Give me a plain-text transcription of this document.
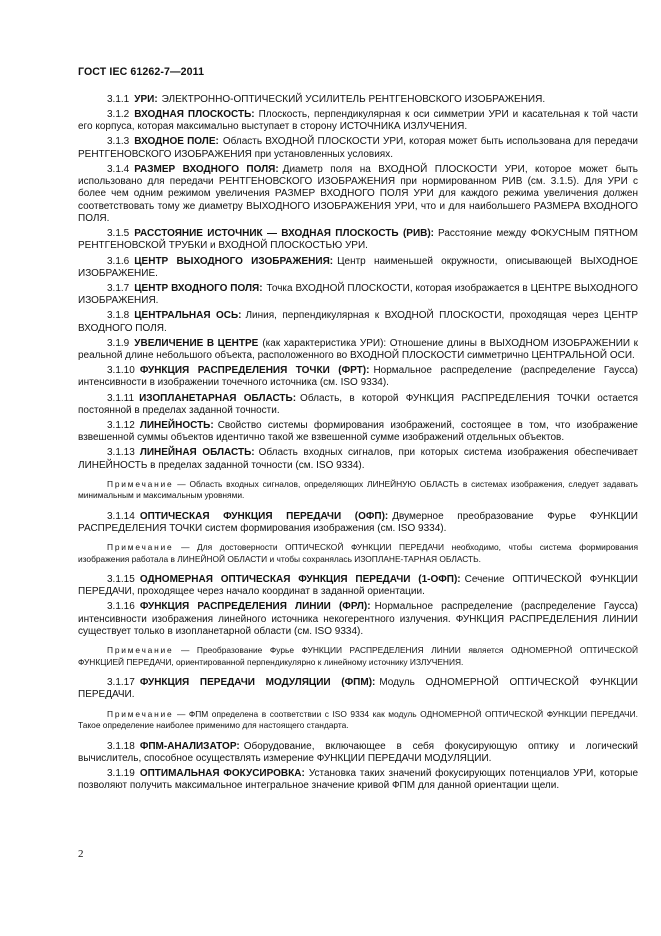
ГОСТ IEC 61262-7—2011

3.1.1 УРИ: ЭЛЕКТРОННО-ОПТИЧЕСКИЙ УСИЛИТЕЛЬ РЕНТГЕНОВСКОГО ИЗОБРАЖЕНИЯ.

3.1.2 ВХОДНАЯ ПЛОСКОСТЬ: Плоскость, перпендикулярная к оси симметрии УРИ и касательная к той части его корпуса, которая максимально выступает в сторону ИСТОЧНИКА ИЗЛУЧЕНИЯ.

3.1.3 ВХОДНОЕ ПОЛЕ: Область ВХОДНОЙ ПЛОСКОСТИ УРИ, которая может быть использована для передачи РЕНТГЕНОВСКОГО ИЗОБРАЖЕНИЯ при установленных условиях.

3.1.4 РАЗМЕР ВХОДНОГО ПОЛЯ: Диаметр поля на ВХОДНОЙ ПЛОСКОСТИ УРИ, которое может быть использовано для передачи РЕНТГЕНОВСКОГО ИЗОБРАЖЕНИЯ при нормированном РИВ (см. 3.1.5). Для УРИ с более чем одним режимом увеличения РАЗМЕР ВХОДНОГО ПОЛЯ УРИ для каждого режима увеличения должен соответствовать тому же диаметру ВЫХОДНОГО ИЗОБРАЖЕНИЯ УРИ, что и для наибольшего РАЗМЕРА ВХОДНОГО ПОЛЯ.

3.1.5 РАССТОЯНИЕ ИСТОЧНИК — ВХОДНАЯ ПЛОСКОСТЬ (РИВ): Расстояние между ФОКУСНЫМ ПЯТНОМ РЕНТГЕНОВСКОЙ ТРУБКИ и ВХОДНОЙ ПЛОСКОСТЬЮ УРИ.

3.1.6 ЦЕНТР ВЫХОДНОГО ИЗОБРАЖЕНИЯ: Центр наименьшей окружности, описывающей ВЫХОДНОЕ ИЗОБРАЖЕНИЕ.

3.1.7 ЦЕНТР ВХОДНОГО ПОЛЯ: Точка ВХОДНОЙ ПЛОСКОСТИ, которая изображается в ЦЕНТРЕ ВЫХОДНОГО ИЗОБРАЖЕНИЯ.

3.1.8 ЦЕНТРАЛЬНАЯ ОСЬ: Линия, перпендикулярная к ВХОДНОЙ ПЛОСКОСТИ, проходящая через ЦЕНТР ВХОДНОГО ПОЛЯ.

3.1.9 УВЕЛИЧЕНИЕ В ЦЕНТРЕ (как характеристика УРИ): Отношение длины в ВЫХОДНОМ ИЗОБРАЖЕНИИ к реальной длине небольшого объекта, расположенного во ВХОДНОЙ ПЛОСКОСТИ симметрично ЦЕНТРАЛЬНОЙ ОСИ.

3.1.10 ФУНКЦИЯ РАСПРЕДЕЛЕНИЯ ТОЧКИ (ФРТ): Нормальное распределение (распределение Гаусса) интенсивности в изображении точечного источника (см. ISO 9334).

3.1.11 ИЗОПЛАНЕТАРНАЯ ОБЛАСТЬ: Область, в которой ФУНКЦИЯ РАСПРЕДЕЛЕНИЯ ТОЧКИ остается постоянной в пределах заданной точности.

3.1.12 ЛИНЕЙНОСТЬ: Свойство системы формирования изображений, состоящее в том, что изображение взвешенной суммы объектов идентично такой же взвешенной сумме изображений отдельных объектов.

3.1.13 ЛИНЕЙНАЯ ОБЛАСТЬ: Область входных сигналов, при которых система изображения обеспечивает ЛИНЕЙНОСТЬ в пределах заданной точности (см. ISO 9334).

Примечание — Область входных сигналов, определяющих ЛИНЕЙНУЮ ОБЛАСТЬ в системах изображения, следует задавать минимальным и максимальным уровнями.

3.1.14 ОПТИЧЕСКАЯ ФУНКЦИЯ ПЕРЕДАЧИ (ОФП): Двумерное преобразование Фурье ФУНКЦИИ РАСПРЕДЕЛЕНИЯ ТОЧКИ систем формирования изображения (см. ISO 9334).

Примечание — Для достоверности ОПТИЧЕСКОЙ ФУНКЦИИ ПЕРЕДАЧИ необходимо, чтобы система формирования изображения работала в ЛИНЕЙНОЙ ОБЛАСТИ и чтобы сохранялась ИЗОПЛАНЕ-ТАРНАЯ ОБЛАСТЬ.

3.1.15 ОДНОМЕРНАЯ ОПТИЧЕСКАЯ ФУНКЦИЯ ПЕРЕДАЧИ (1-ОФП): Сечение ОПТИЧЕСКОЙ ФУНКЦИИ ПЕРЕДАЧИ, проходящее через начало координат в заданной ориентации.

3.1.16 ФУНКЦИЯ РАСПРЕДЕЛЕНИЯ ЛИНИИ (ФРЛ): Нормальное распределение (распределение Гаусса) интенсивности изображения линейного источника некогерентного излучения. ФУНКЦИЯ РАСПРЕДЕЛЕНИЯ ЛИНИИ существует только в изопланетарной области (см. ISO 9334).

Примечание — Преобразование Фурье ФУНКЦИИ РАСПРЕДЕЛЕНИЯ ЛИНИИ является ОДНОМЕРНОЙ ОПТИЧЕСКОЙ ФУНКЦИЕЙ ПЕРЕДАЧИ, ориентированной перпендикулярно к линейному источнику ИЗЛУЧЕНИЯ.

3.1.17 ФУНКЦИЯ ПЕРЕДАЧИ МОДУЛЯЦИИ (ФПМ): Модуль ОДНОМЕРНОЙ ОПТИЧЕСКОЙ ФУНКЦИИ ПЕРЕДАЧИ.

Примечание — ФПМ определена в соответствии с ISO 9334 как модуль ОДНОМЕРНОЙ ОПТИЧЕСКОЙ ФУНКЦИИ ПЕРЕДАЧИ. Такое определение наиболее применимо для настоящего стандарта.

3.1.18 ФПМ-АНАЛИЗАТОР: Оборудование, включающее в себя фокусирующую оптику и логический вычислитель, способное осуществлять измерение ФУНКЦИИ ПЕРЕДАЧИ МОДУЛЯЦИИ.

3.1.19 ОПТИМАЛЬНАЯ ФОКУСИРОВКА: Установка таких значений фокусирующих потенциалов УРИ, которые позволяют получить максимальное интегральное значение кривой ФПМ для данной ориентации щели.

2
